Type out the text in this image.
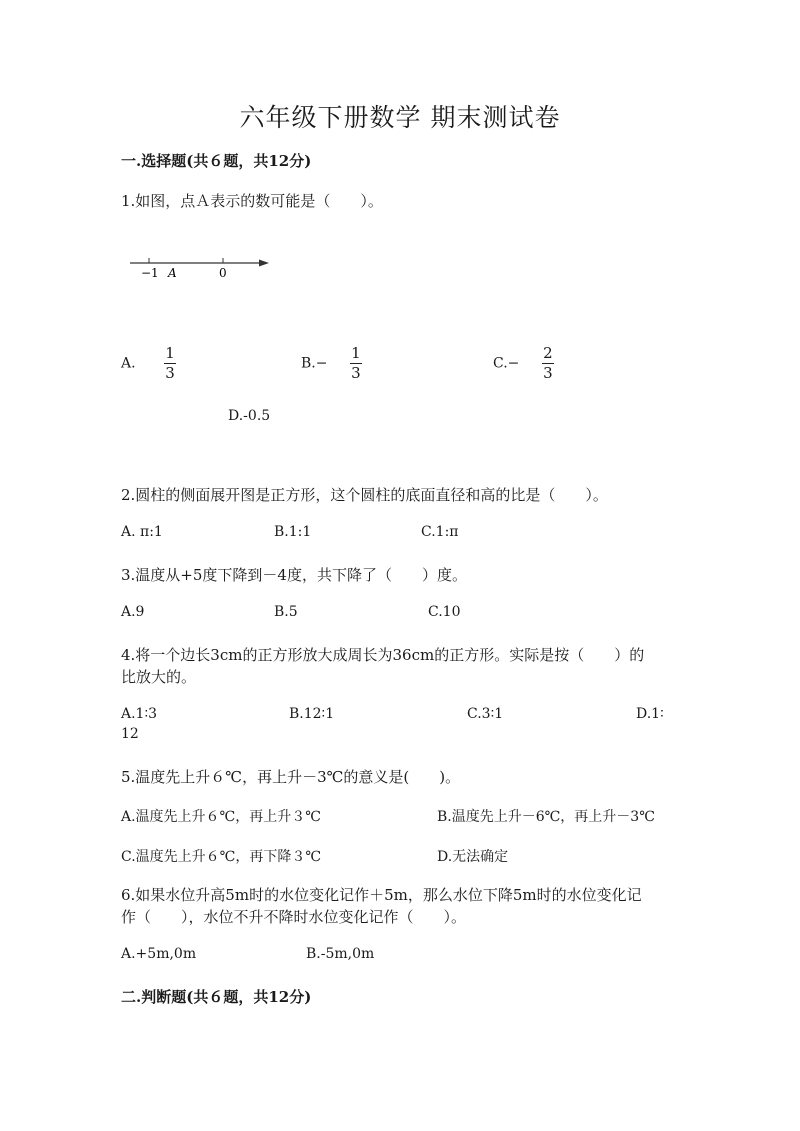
六年级下册数学 期末测试卷
一.选择题(共６题，共12分)
1.如图，点Ａ表示的数可能是（　　）。
−1 A	0
A. $\frac{1}{3}$	$B.- \frac{1}{3}$	$C.- \frac{2}{3}$
D.-0.5
2.圆柱的侧面展开图是正方形，这个圆柱的底面直径和高的比是（　　）。
A. π:1	B.1:1	C.1:π
3.温度从+5度下降到－4度，共下降了（　　）度。
A.9	B.5	C.10
4.将一个边长3cm的正方形放大成周长为36cm的正方形。实际是按（　　）的
比放大的。
A.1∶3	B.12∶1	C.3∶1	D.1∶
12
5.温度先上升６℃，再上升－3℃的意义是(　　)。
A.温度先上升６℃，再上升３℃	B.温度先上升－6℃，再上升－3℃
C.温度先上升６℃，再下降３℃	D.无法确定
6.如果水位升高5m时的水位变化记作＋5m，那么水位下降5m时的水位变化记
作（　　），水位不升不降时水位变化记作（　　）。
A.+5m,0m	B.-5m,0m
二.判断题(共６题，共12分)
